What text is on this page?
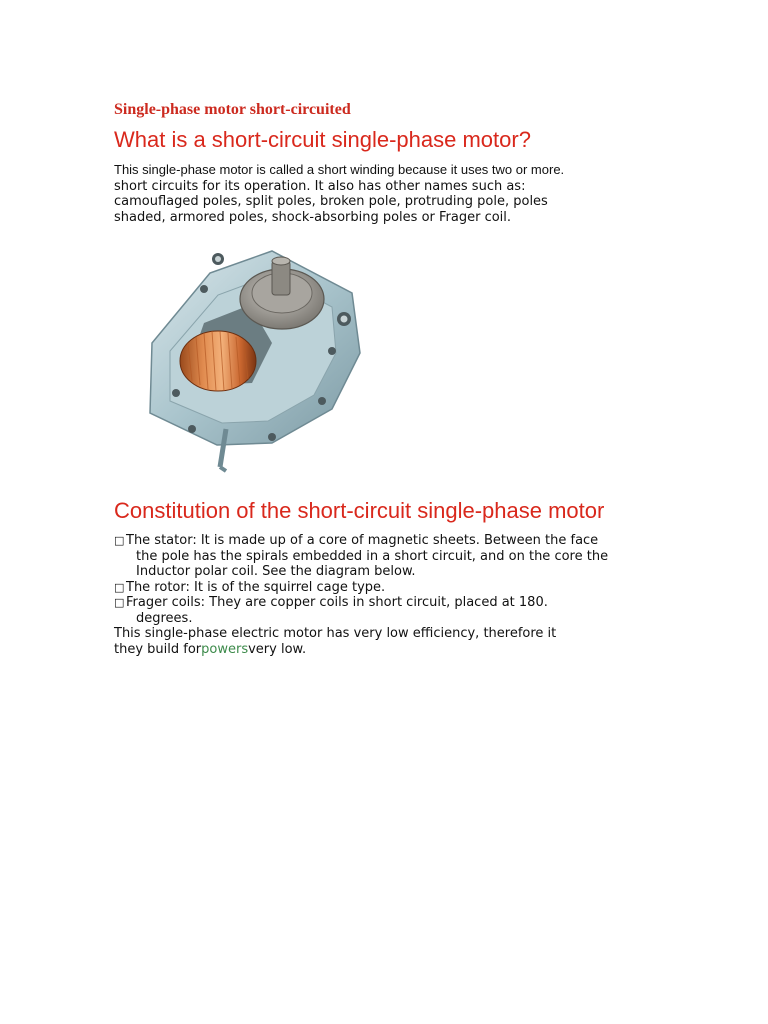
Single-phase motor short-circuited

What is a short-circuit single-phase motor?

This single-phase motor is called a short winding because it uses two or more.
short circuits for its operation. It also has other names such as:
camouflaged poles, split poles, broken pole, protruding pole, poles
shaded, armored poles, shock-absorbing poles or Frager coil.

Constitution of the short-circuit single-phase motor
□ The stator: It is made up of a core of magnetic sheets. Between the face
the pole has the spirals embedded in a short circuit, and on the core the
Inductor polar coil. See the diagram below.
□ The rotor: It is of the squirrel cage type.
□ Frager coils: They are copper coils in short circuit, placed at 180.
degrees.

This single-phase electric motor has very low efficiency, therefore it
they build forpowersvery low.
